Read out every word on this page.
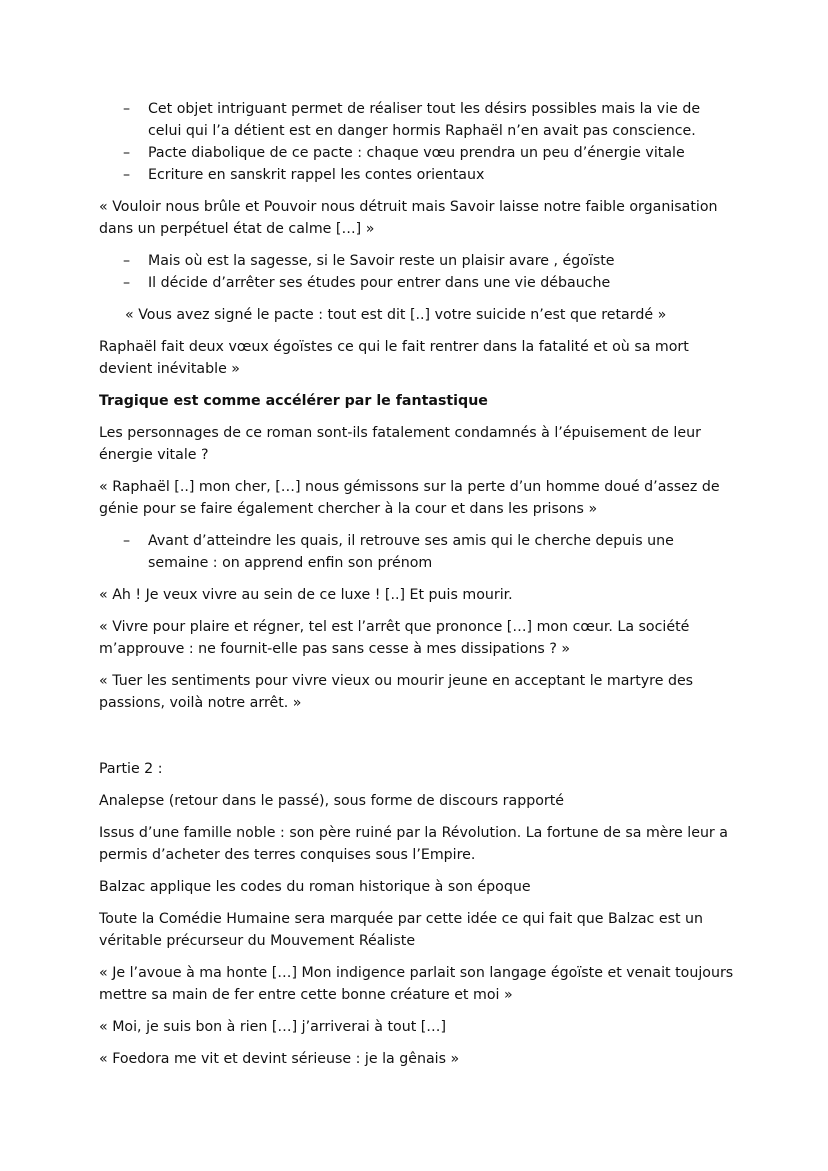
– Cet objet intriguant permet de réaliser tout les désirs possibles mais la vie de celui qui l’a détient est en danger hormis Raphaël n’en avait pas conscience.
– Pacte diabolique de ce pacte : chaque vœu prendra un peu d’énergie vitale
– Ecriture en sanskrit rappel les contes orientaux

« Vouloir nous brûle et Pouvoir nous détruit mais Savoir laisse notre faible organisation dans un perpétuel état de calme […] »

– Mais où est la sagesse, si le Savoir reste un plaisir avare , égoïste
– Il décide d’arrêter ses études pour entrer dans une vie débauche

« Vous avez signé le pacte : tout est dit [..] votre suicide n’est que retardé »

Raphaël fait deux vœux égoïstes ce qui le fait rentrer dans la fatalité et où sa mort devient inévitable »

Tragique est comme accélérer par le fantastique

Les personnages de ce roman sont-ils fatalement condamnés à l’épuisement de leur énergie vitale ?

« Raphaël [..] mon cher, […] nous gémissons sur la perte d’un homme doué d’assez de génie pour se faire également chercher à la cour et dans les prisons »

– Avant d’atteindre les quais, il retrouve ses amis qui le cherche depuis une semaine : on apprend enfin son prénom

« Ah ! Je veux vivre au sein de ce luxe ! [..] Et puis mourir.

« Vivre pour plaire et régner, tel est l’arrêt que prononce […] mon cœur. La société m’approuve : ne fournit-elle pas sans cesse à mes dissipations ? »

« Tuer les sentiments pour vivre vieux ou mourir jeune en acceptant le martyre des passions, voilà notre arrêt. »

Partie 2 :

Analepse (retour dans le passé), sous forme de discours rapporté

Issus d’une famille noble : son père ruiné par la Révolution. La fortune de sa mère leur a permis d’acheter des terres conquises sous l’Empire.

Balzac applique les codes du roman historique à son époque

Toute la Comédie Humaine sera marquée par cette idée ce qui fait que Balzac est un véritable précurseur du Mouvement Réaliste

« Je l’avoue à ma honte […] Mon indigence parlait son langage égoïste et venait toujours mettre sa main de fer entre cette bonne créature et moi »

« Moi, je suis bon à rien […] j’arriverai à tout […]

« Foedora me vit et devint sérieuse : je la gênais »
